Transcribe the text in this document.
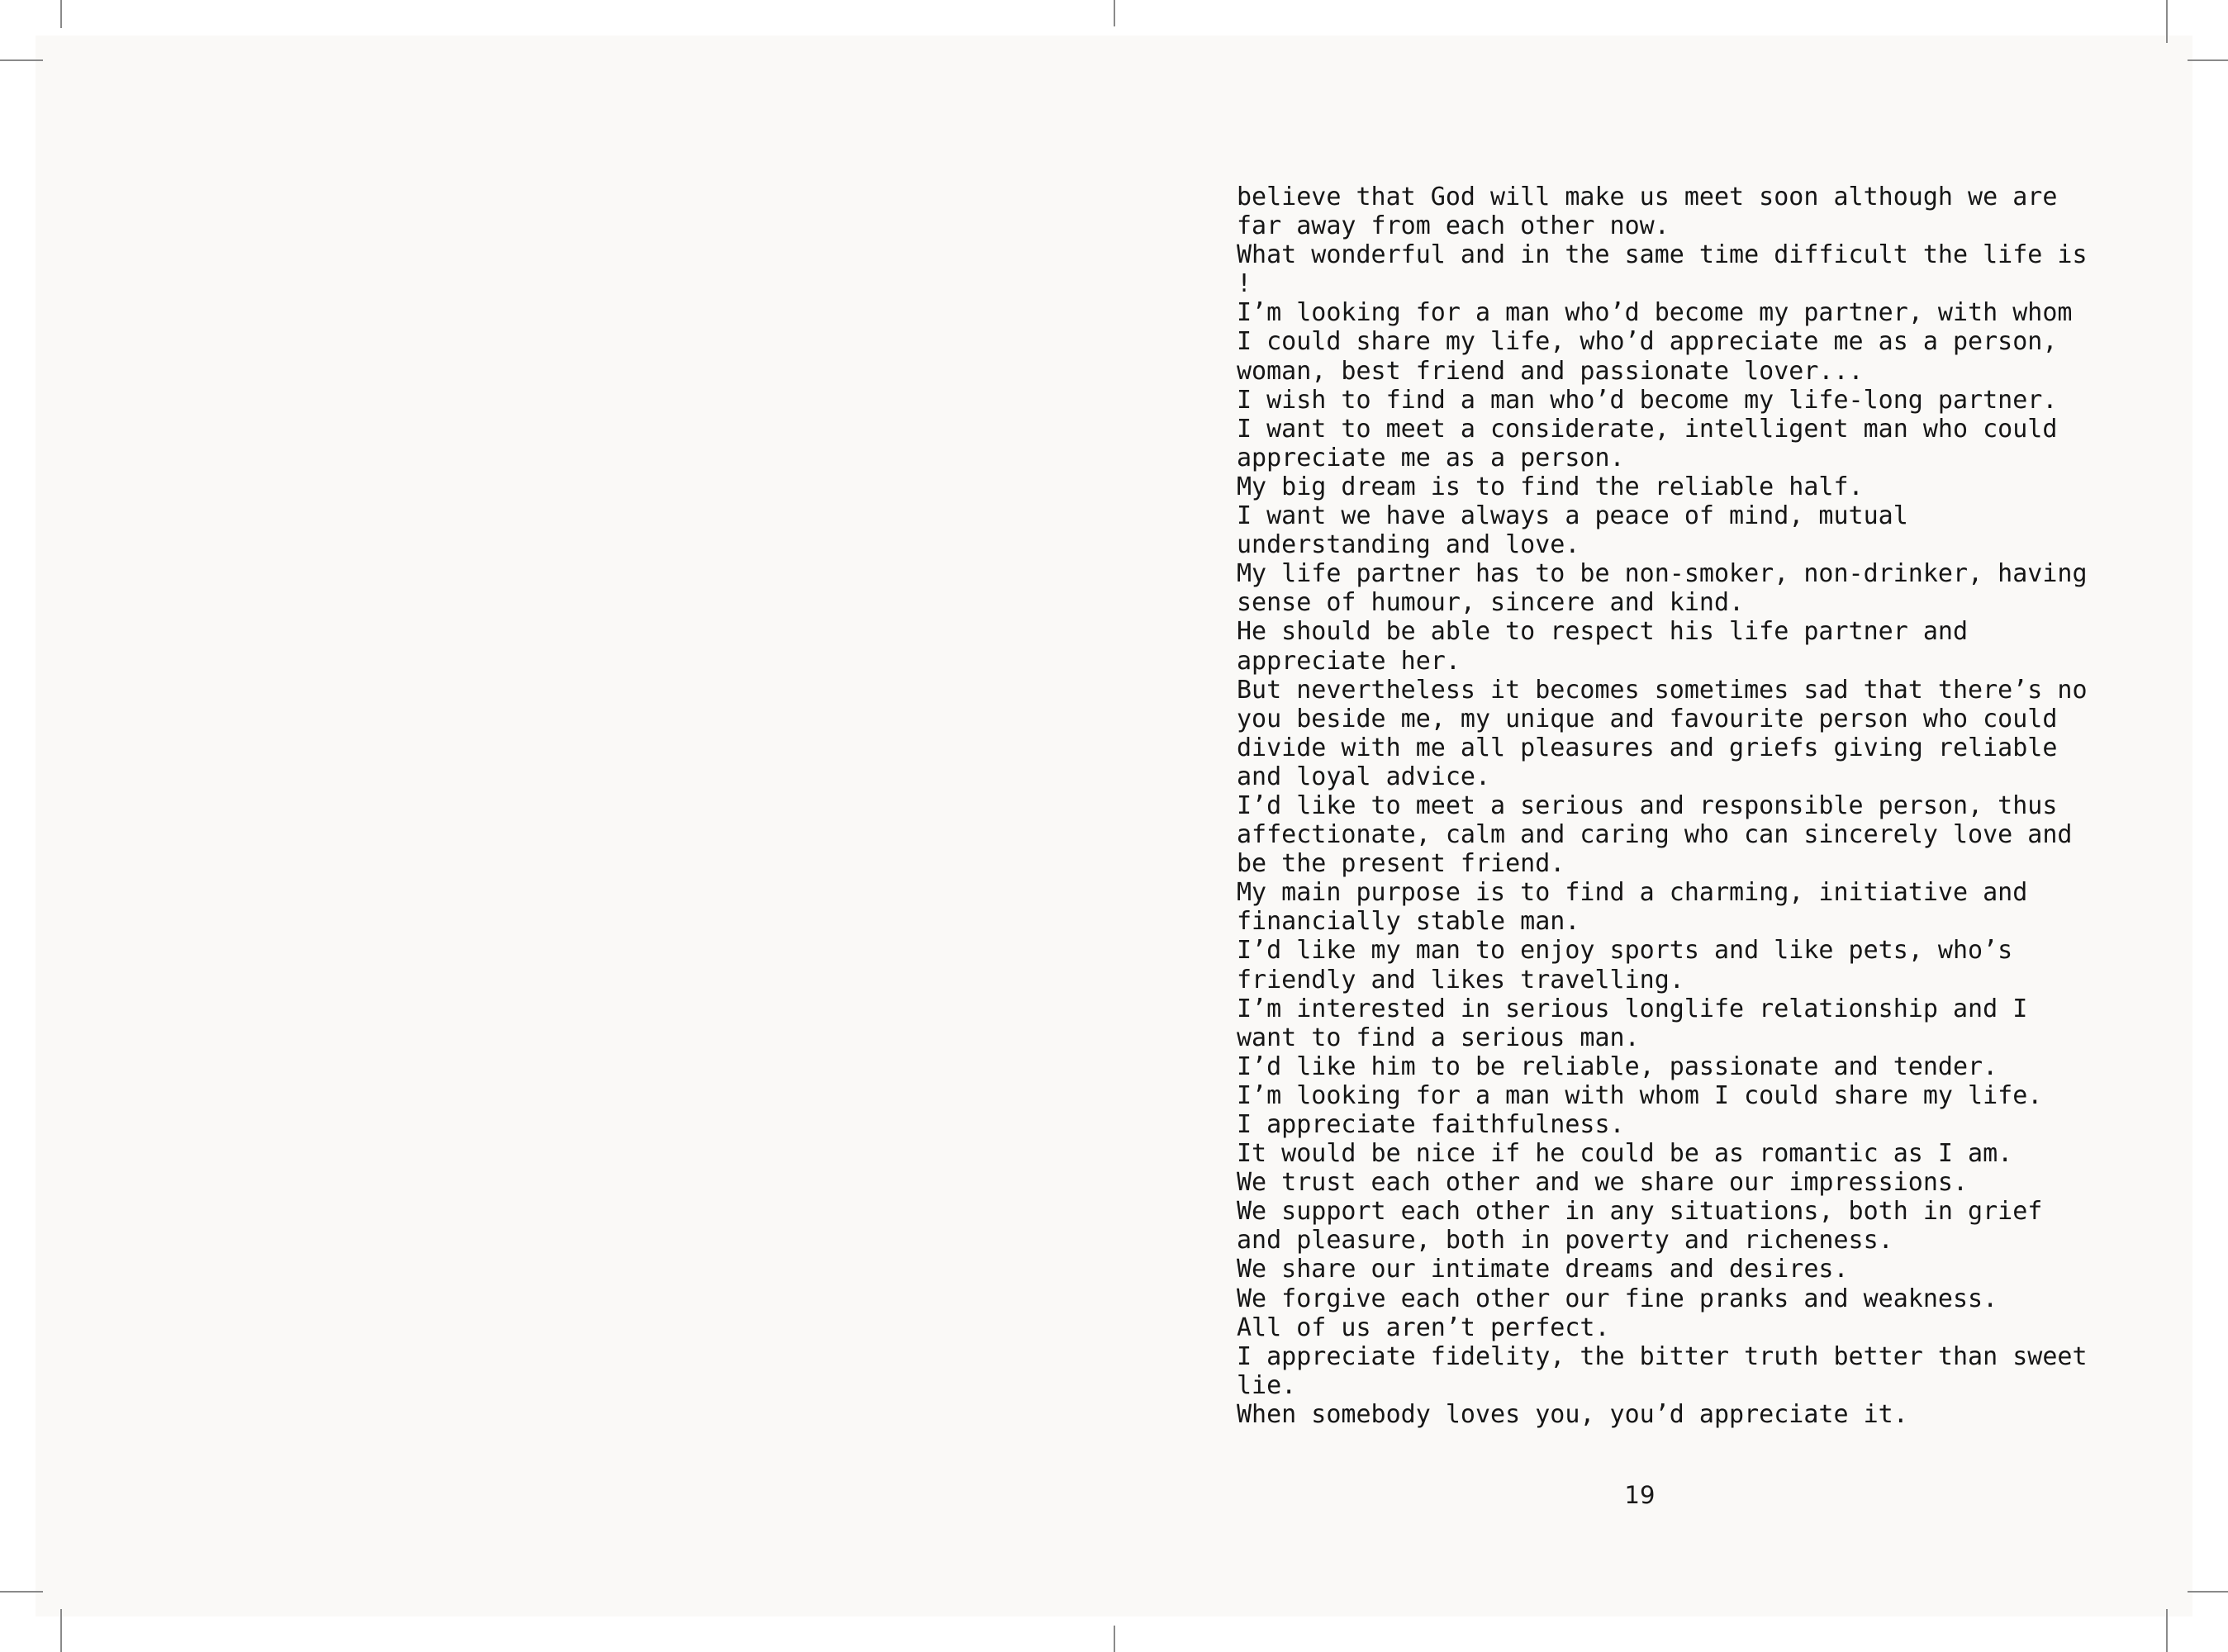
believe that God will make us meet soon although we are
far away from each other now.
What wonderful and in the same time difficult the life is
!
I’m looking for a man who’d become my partner, with whom
I could share my life, who’d appreciate me as a person,
woman, best friend and passionate lover...
I wish to find a man who’d become my life-long partner.
I want to meet a considerate, intelligent man who could
appreciate me as a person.
My big dream is to find the reliable half.
I want we have always a peace of mind, mutual
understanding and love.
My life partner has to be non-smoker, non-drinker, having
sense of humour, sincere and kind.
He should be able to respect his life partner and
appreciate her.
But nevertheless it becomes sometimes sad that there’s no
you beside me, my unique and favourite person who could
divide with me all pleasures and griefs giving reliable
and loyal advice.
I’d like to meet a serious and responsible person, thus
affectionate, calm and caring who can sincerely love and
be the present friend.
My main purpose is to find a charming, initiative and
financially stable man.
I’d like my man to enjoy sports and like pets, who’s
friendly and likes travelling.
I’m interested in serious longlife relationship and I
want to find a serious man.
I’d like him to be reliable, passionate and tender.
I’m looking for a man with whom I could share my life.
I appreciate faithfulness.
It would be nice if he could be as romantic as I am.
We trust each other and we share our impressions.
We support each other in any situations, both in grief
and pleasure, both in poverty and richeness.
We share our intimate dreams and desires.
We forgive each other our fine pranks and weakness.
All of us aren’t perfect.
I appreciate fidelity, the bitter truth better than sweet
lie.
When somebody loves you, you’d appreciate it.
19
